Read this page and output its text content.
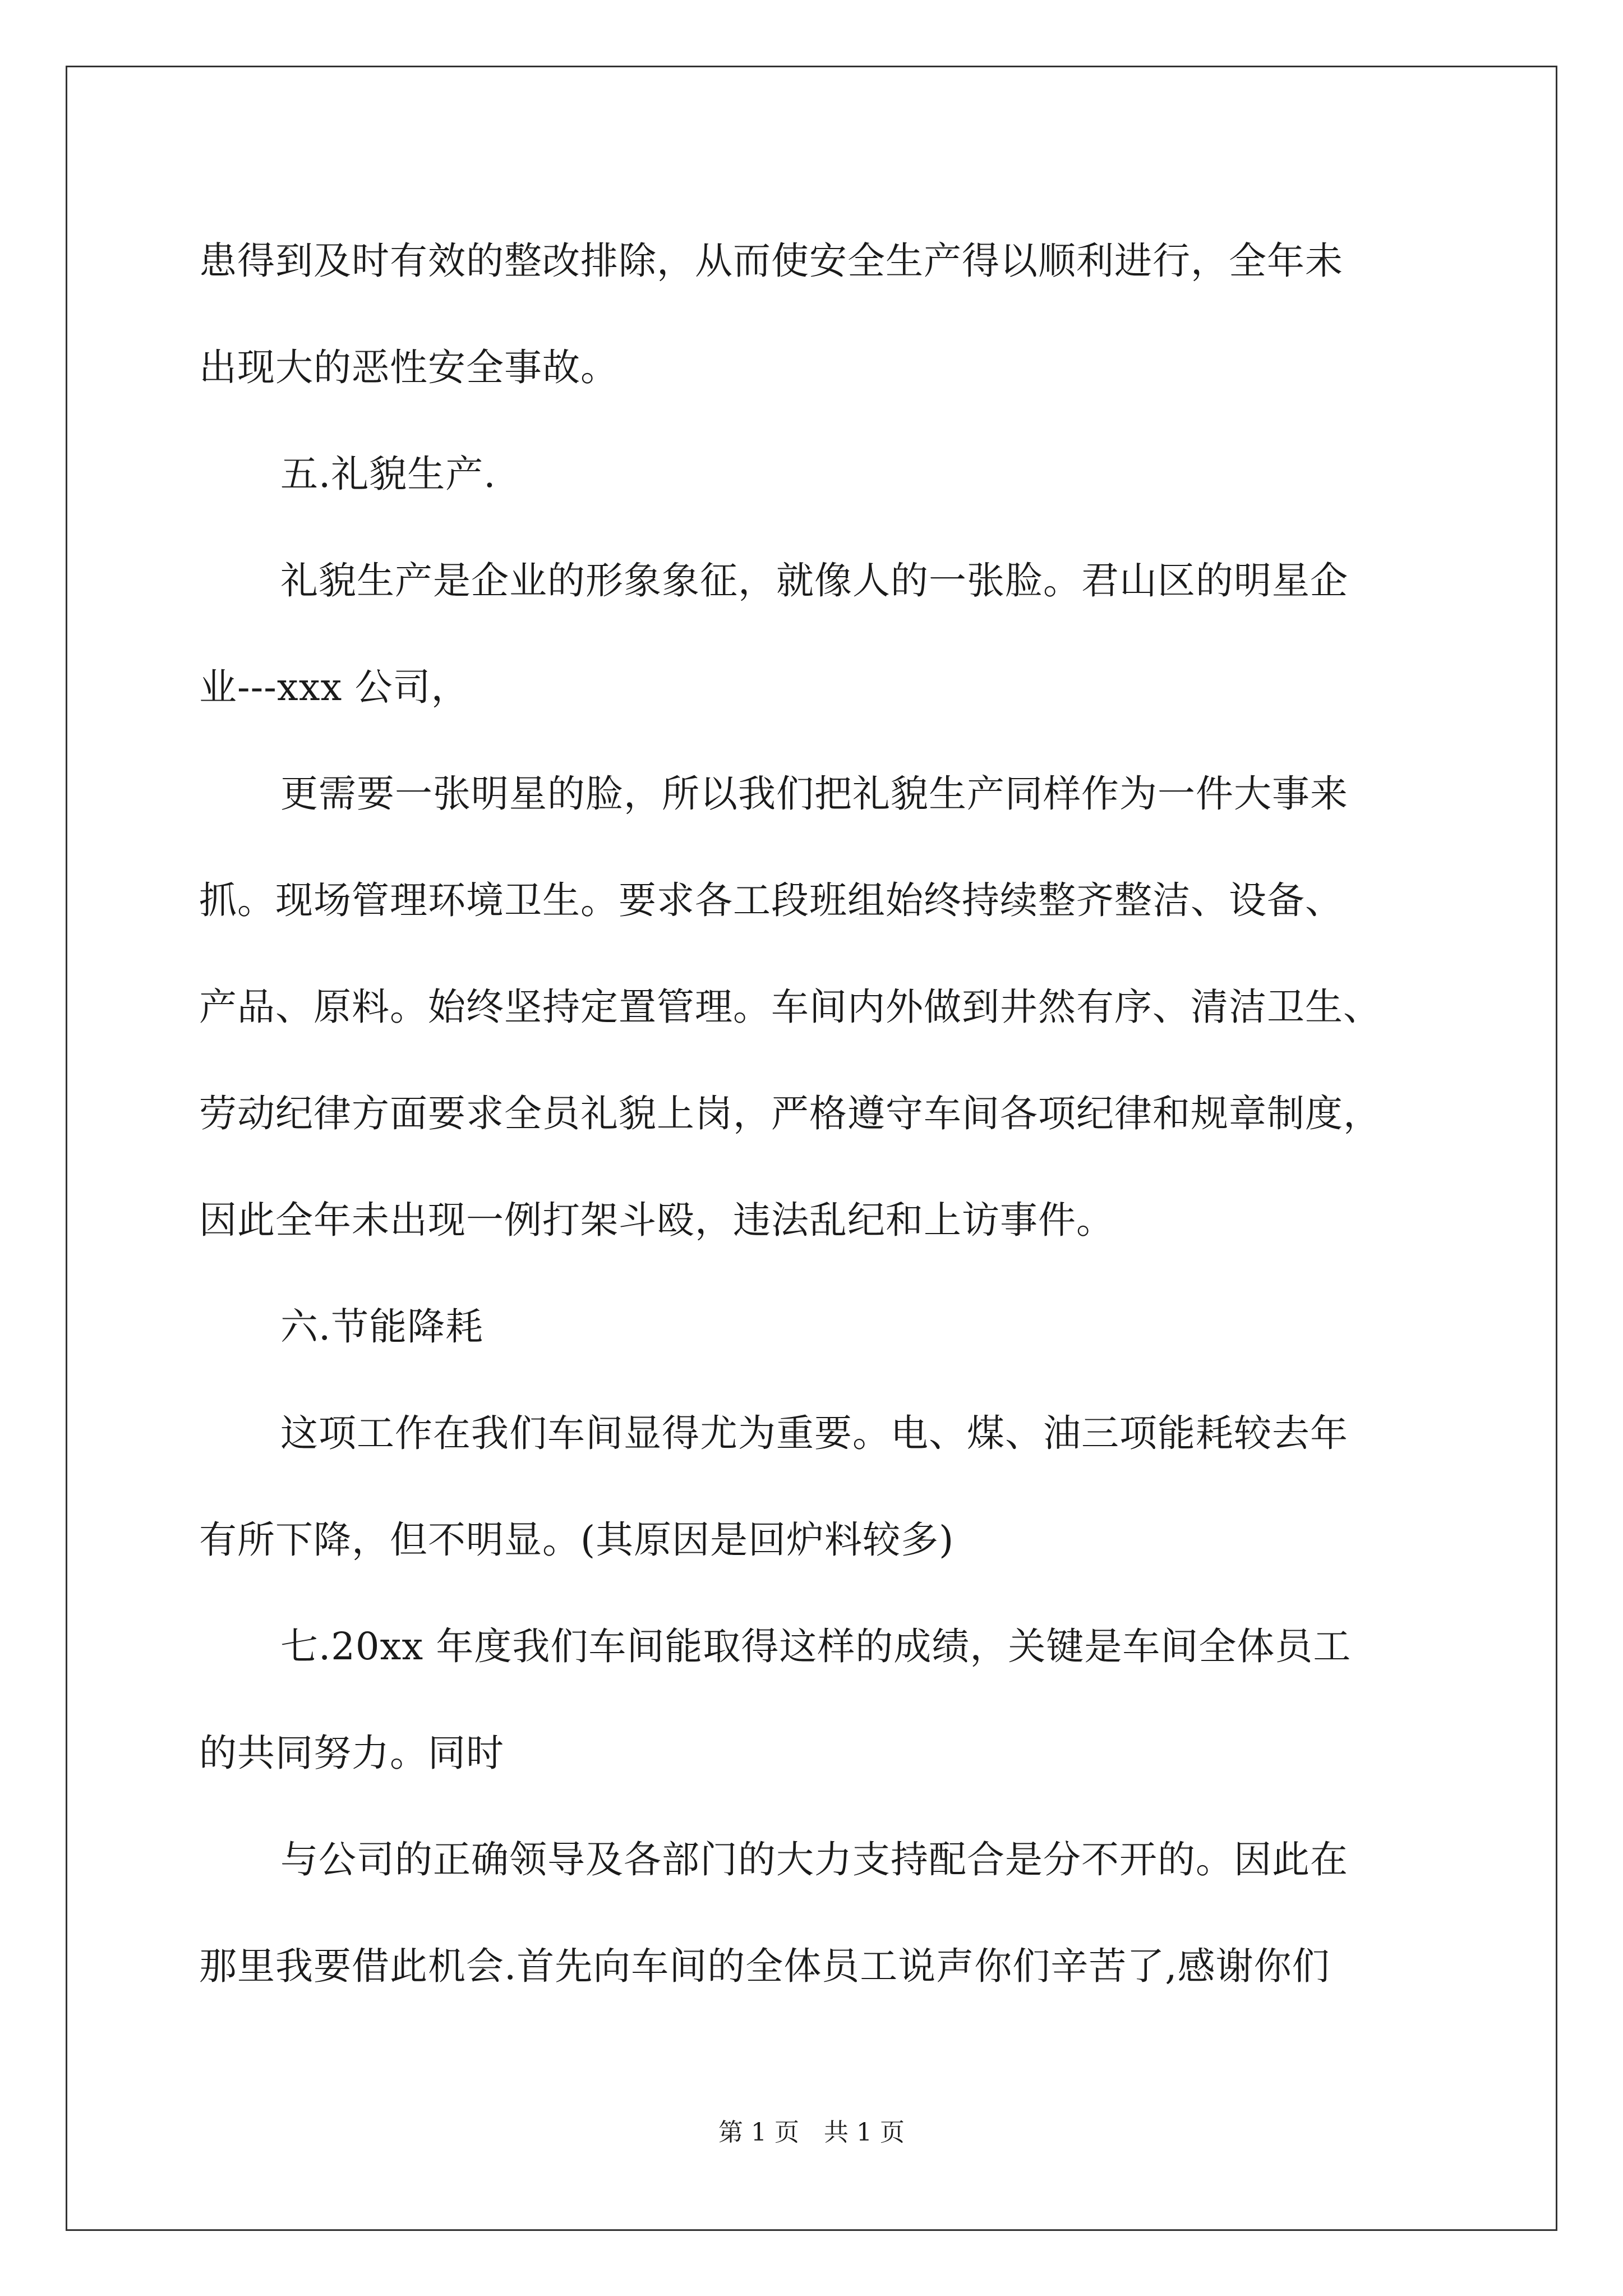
患得到及时有效的整改排除，从而使安全生产得以顺利进行，全年未

出现大的恶性安全事故。

五.礼貌生产.

礼貌生产是企业的形象象征，就像人的一张脸。君山区的明星企

业---xxx 公司，

更需要一张明星的脸，所以我们把礼貌生产同样作为一件大事来

抓。现场管理环境卫生。要求各工段班组始终持续整齐整洁、设备、

产品、原料。始终坚持定置管理。车间内外做到井然有序、清洁卫生、

劳动纪律方面要求全员礼貌上岗，严格遵守车间各项纪律和规章制度，

因此全年未出现一例打架斗殴，违法乱纪和上访事件。

六.节能降耗

这项工作在我们车间显得尤为重要。电、煤、油三项能耗较去年

有所下降，但不明显。(其原因是回炉料较多)

七.20xx 年度我们车间能取得这样的成绩，关键是车间全体员工

的共同努力。同时

与公司的正确领导及各部门的大力支持配合是分不开的。因此在

那里我要借此机会.首先向车间的全体员工说声你们辛苦了,感谢你们

第 1 页　共 1 页
